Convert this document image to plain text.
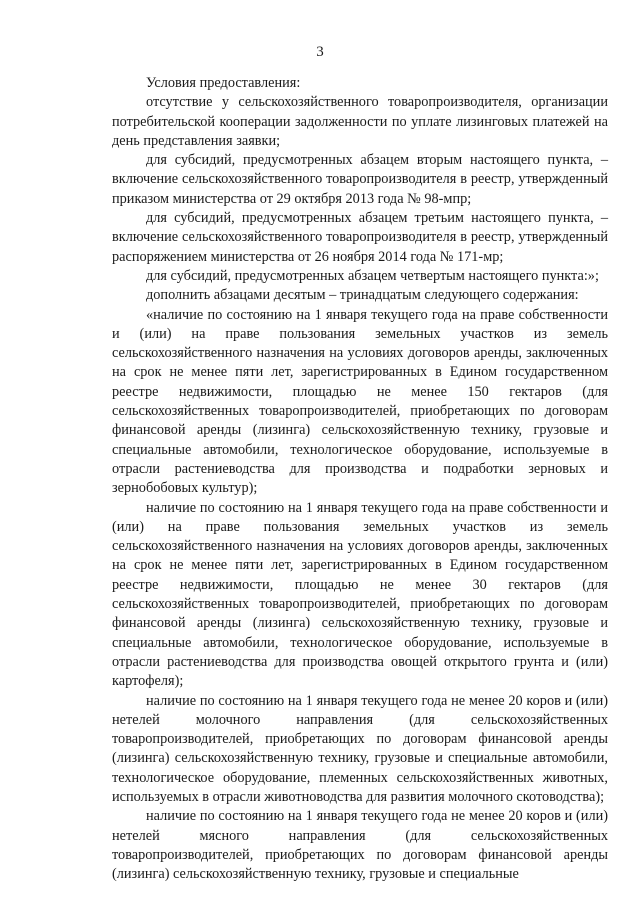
3

Условия предоставления:

отсутствие у сельскохозяйственного товаропроизводителя, организации потребительской кооперации задолженности по уплате лизинговых платежей на день представления заявки;

для субсидий, предусмотренных абзацем вторым настоящего пункта, – включение сельскохозяйственного товаропроизводителя в реестр, утвержденный приказом министерства от 29 октября 2013 года № 98-мпр;

для субсидий, предусмотренных абзацем третьим настоящего пункта, – включение сельскохозяйственного товаропроизводителя в реестр, утвержденный распоряжением министерства от 26 ноября 2014 года № 171-мр;

для субсидий, предусмотренных абзацем четвертым настоящего пункта:»;

дополнить абзацами десятым – тринадцатым следующего содержания:

«наличие по состоянию на 1 января текущего года на праве собственности и (или) на праве пользования земельных участков из земель сельскохозяйственного назначения на условиях договоров аренды, заключенных на срок не менее пяти лет, зарегистрированных в Едином государственном реестре недвижимости, площадью не менее 150 гектаров (для сельскохозяйственных товаропроизводителей, приобретающих по договорам финансовой аренды (лизинга) сельскохозяйственную технику, грузовые и специальные автомобили, технологическое оборудование, используемые в отрасли растениеводства для производства и подработки зерновых и зернобобовых культур);

наличие по состоянию на 1 января текущего года на праве собственности и (или) на праве пользования земельных участков из земель сельскохозяйственного назначения на условиях договоров аренды, заключенных на срок не менее пяти лет, зарегистрированных в Едином государственном реестре недвижимости, площадью не менее 30 гектаров (для сельскохозяйственных товаропроизводителей, приобретающих по договорам финансовой аренды (лизинга) сельскохозяйственную технику, грузовые и специальные автомобили, технологическое оборудование, используемые в отрасли растениеводства для производства овощей открытого грунта и (или) картофеля);

наличие по состоянию на 1 января текущего года не менее 20 коров и (или) нетелей молочного направления (для сельскохозяйственных товаропроизводителей, приобретающих по договорам финансовой аренды (лизинга) сельскохозяйственную технику, грузовые и специальные автомобили, технологическое оборудование, племенных сельскохозяйственных животных, используемых в отрасли животноводства для развития молочного скотоводства);

наличие по состоянию на 1 января текущего года не менее 20 коров и (или) нетелей мясного направления (для сельскохозяйственных товаропроизводителей, приобретающих по договорам финансовой аренды (лизинга) сельскохозяйственную технику, грузовые и специальные
